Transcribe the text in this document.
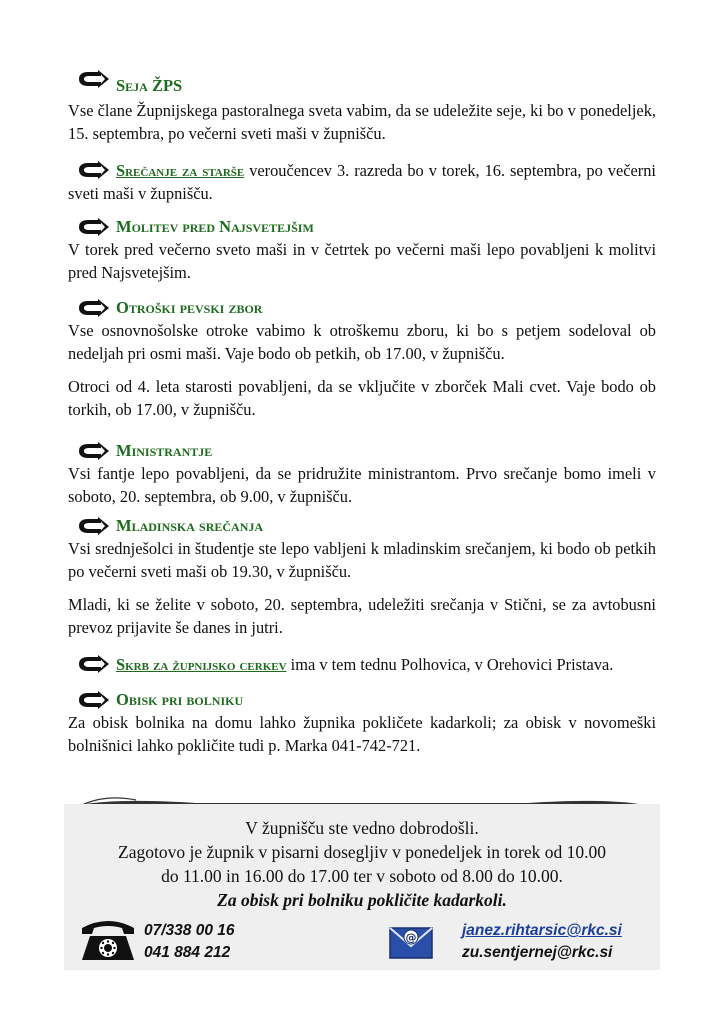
Seja ŽPS

Vse člane Župnijskega pastoralnega sveta vabim, da se udeležite seje, ki bo v ponedeljek, 15. septembra, po večerni sveti maši v župnišču.

Srečanje za starše veroučencev 3. razreda bo v torek, 16. septembra, po večerni sveti maši v župnišču.
Molitev pred Najsvetejšim

V torek pred večerno sveto maši in v četrtek po večerni maši lepo povabljeni k molitvi pred Najsvetejšim.

Otroški pevski zbor

Vse osnovnošolske otroke vabimo k otroškemu zboru, ki bo s petjem sodeloval ob nedeljah pri osmi maši. Vaje bodo ob petkih, ob 17.00, v župnišču.

Otroci od 4. leta starosti povabljeni, da se vključite v zborček Mali cvet. Vaje bodo ob torkih, ob 17.00, v župnišču.

Ministrantje

Vsi fantje lepo povabljeni, da se pridružite ministrantom. Prvo srečanje bomo imeli v soboto, 20. septembra, ob 9.00, v župnišču.

Mladinska srečanja

Vsi srednješolci in študentje ste lepo vabljeni k mladinskim srečanjem, ki bodo ob petkih po večerni sveti maši ob 19.30, v župnišču.

Mladi, ki se želite v soboto, 20. septembra, udeležiti srečanja v Stični, se za avtobusni prevoz prijavite še danes in jutri.

Skrb za župnijsko cerkev ima v tem tednu Polhovica, v Orehovici Pristava.
Obisk pri bolniku

Za obisk bolnika na domu lahko župnika pokličete kadarkoli; za obisk v novomeški bolnišnici lahko pokličite tudi p. Marka 041-742-721.

V župnišču ste vedno dobrodošli.
Zagotovo je župnik v pisarni dosegljiv v ponedeljek in torek od 10.00
do 11.00 in 16.00 do 17.00 ter v soboto od 8.00 do 10.00.
Za obisk pri bolniku pokličite kadarkoli.
07/338 00 16
041 884 212
@	janez.rihtarsic@rkc.si
zu.sentjernej@rkc.si
